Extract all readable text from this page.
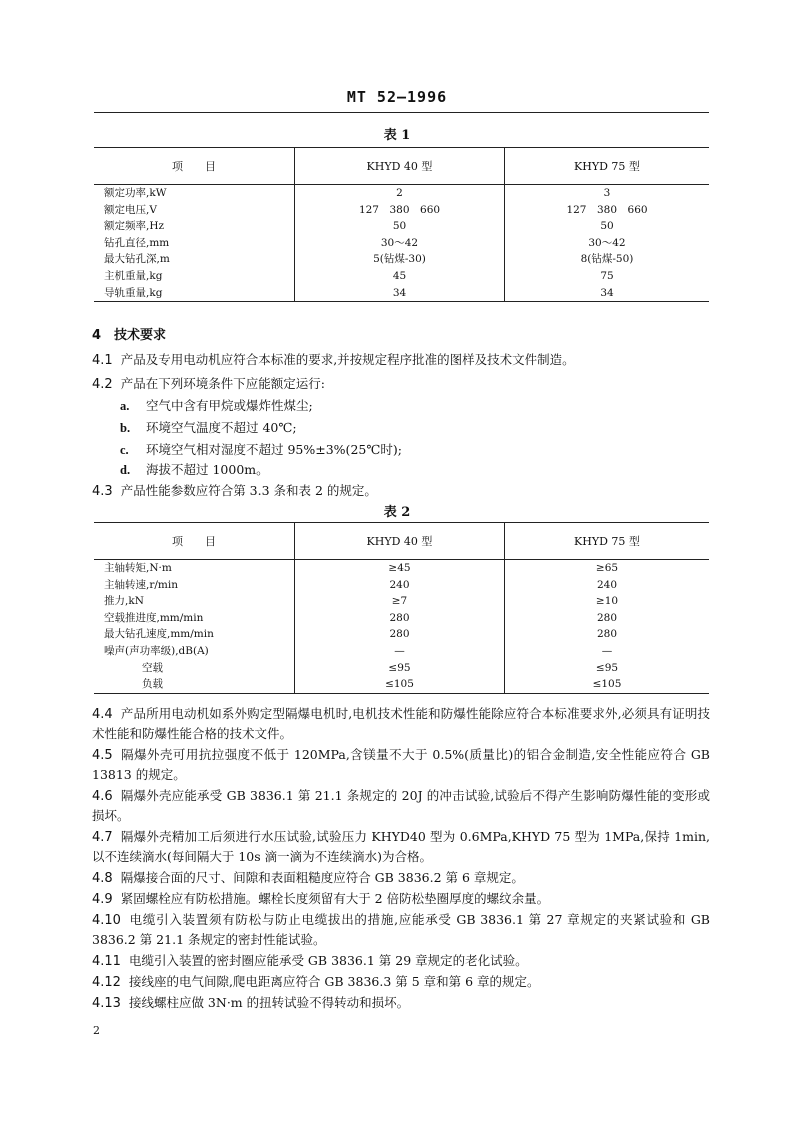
MT 52—1996
表 1
项　　目	KHYD 40 型	KHYD 75 型
额定功率,kW	2	3
额定电压,V	127　380　660	127　380　660
额定频率,Hz	50	50
钻孔直径,mm	30～42	30～42
最大钻孔深,m	5(钻煤-30)	8(钻煤-50)
主机重量,kg	45	75
导轨重量,kg	34	34
4　技术要求
4.1 产品及专用电动机应符合本标准的要求,并按规定程序批准的图样及技术文件制造。
4.2 产品在下列环境条件下应能额定运行:
a. 空气中含有甲烷或爆炸性煤尘;
b. 环境空气温度不超过 40℃;
c. 环境空气相对湿度不超过 95%±3%(25℃时);
d. 海拔不超过 1000m。
4.3 产品性能参数应符合第 3.3 条和表 2 的规定。
表 2
项　　目	KHYD 40 型	KHYD 75 型
主轴转矩,N·m	≥45	≥65
主轴转速,r/min	240	240
推力,kN	≥7	≥10
空载推进度,mm/min	280	280
最大钻孔速度,mm/min	280	280
噪声(声功率级),dB(A)	—	—
空载	≤95	≤95
负载	≤105	≤105
4.4 产品所用电动机如系外购定型隔爆电机时,电机技术性能和防爆性能除应符合本标准要求外,必须具有证明技术性能和防爆性能合格的技术文件。
4.5 隔爆外壳可用抗拉强度不低于 120MPa,含镁量不大于 0.5%(质量比)的铝合金制造,安全性能应符合 GB 13813 的规定。
4.6 隔爆外壳应能承受 GB 3836.1 第 21.1 条规定的 20J 的冲击试验,试验后不得产生影响防爆性能的变形或损坏。
4.7 隔爆外壳精加工后须进行水压试验,试验压力 KHYD40 型为 0.6MPa,KHYD 75 型为 1MPa,保持 1min,以不连续滴水(每间隔大于 10s 滴一滴为不连续滴水)为合格。
4.8 隔爆接合面的尺寸、间隙和表面粗糙度应符合 GB 3836.2 第 6 章规定。
4.9 紧固螺栓应有防松措施。螺栓长度须留有大于 2 倍防松垫圈厚度的螺纹余量。
4.10 电缆引入装置须有防松与防止电缆拔出的措施,应能承受 GB 3836.1 第 27 章规定的夹紧试验和 GB 3836.2 第 21.1 条规定的密封性能试验。
4.11 电缆引入装置的密封圈应能承受 GB 3836.1 第 29 章规定的老化试验。
4.12 接线座的电气间隙,爬电距离应符合 GB 3836.3 第 5 章和第 6 章的规定。
4.13 接线螺柱应做 3N·m 的扭转试验不得转动和损坏。
2
